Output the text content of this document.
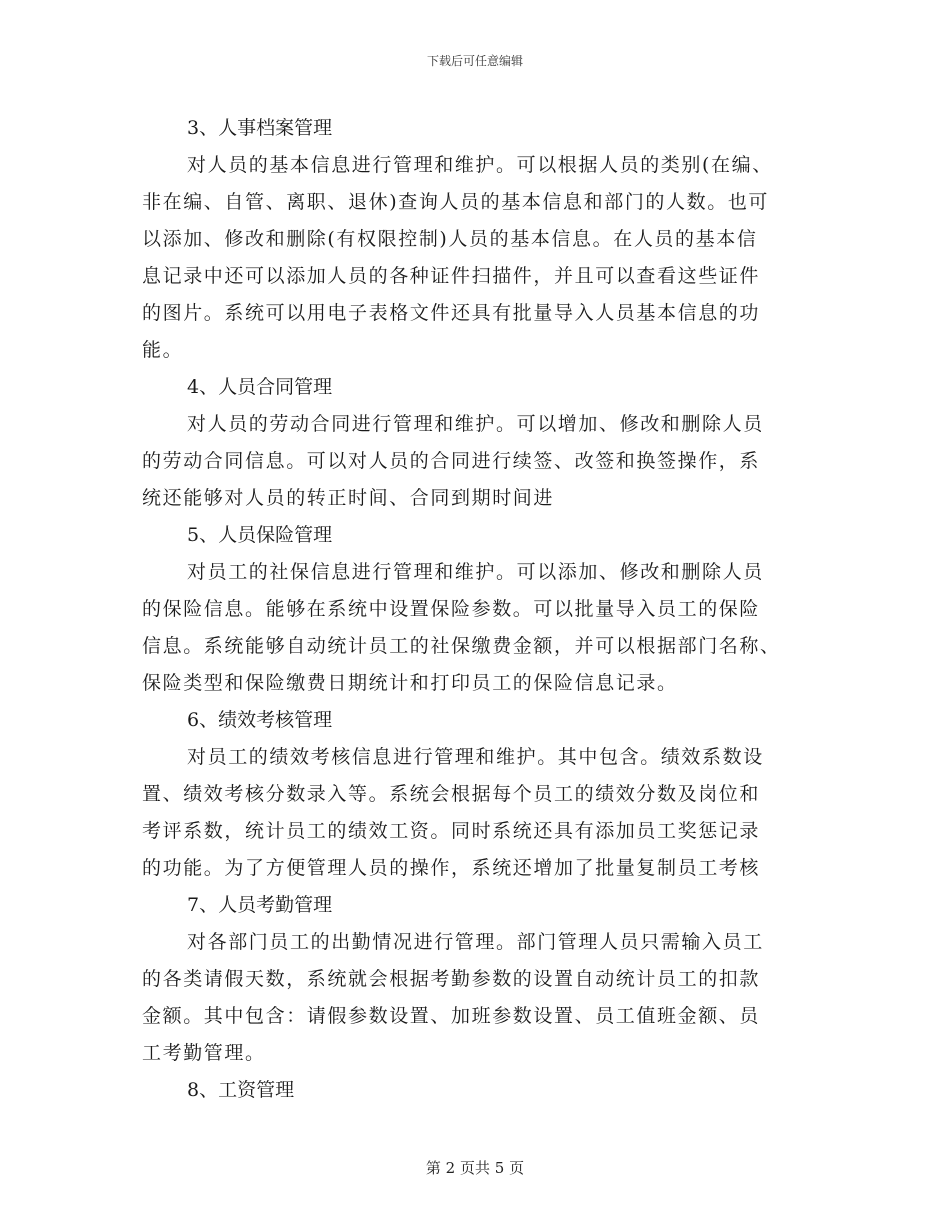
下载后可任意编辑
3、人事档案管理

对人员的基本信息进行管理和维护。可以根据人员的类别(在编、
非在编、自管、离职、退休)查询人员的基本信息和部门的人数。也可
以添加、修改和删除(有权限控制)人员的基本信息。在人员的基本信
息记录中还可以添加人员的各种证件扫描件，并且可以查看这些证件
的图片。系统可以用电子表格文件还具有批量导入人员基本信息的功
能。

4、人员合同管理

对人员的劳动合同进行管理和维护。可以增加、修改和删除人员
的劳动合同信息。可以对人员的合同进行续签、改签和换签操作，系
统还能够对人员的转正时间、合同到期时间进

5、人员保险管理

对员工的社保信息进行管理和维护。可以添加、修改和删除人员
的保险信息。能够在系统中设置保险参数。可以批量导入员工的保险
信息。系统能够自动统计员工的社保缴费金额，并可以根据部门名称、
保险类型和保险缴费日期统计和打印员工的保险信息记录。

6、绩效考核管理

对员工的绩效考核信息进行管理和维护。其中包含。绩效系数设
置、绩效考核分数录入等。系统会根据每个员工的绩效分数及岗位和
考评系数，统计员工的绩效工资。同时系统还具有添加员工奖惩记录
的功能。为了方便管理人员的操作，系统还增加了批量复制员工考核

7、人员考勤管理

对各部门员工的出勤情况进行管理。部门管理人员只需输入员工
的各类请假天数，系统就会根据考勤参数的设置自动统计员工的扣款
金额。其中包含：请假参数设置、加班参数设置、员工值班金额、员
工考勤管理。

8、工资管理
第 2 页共 5 页
